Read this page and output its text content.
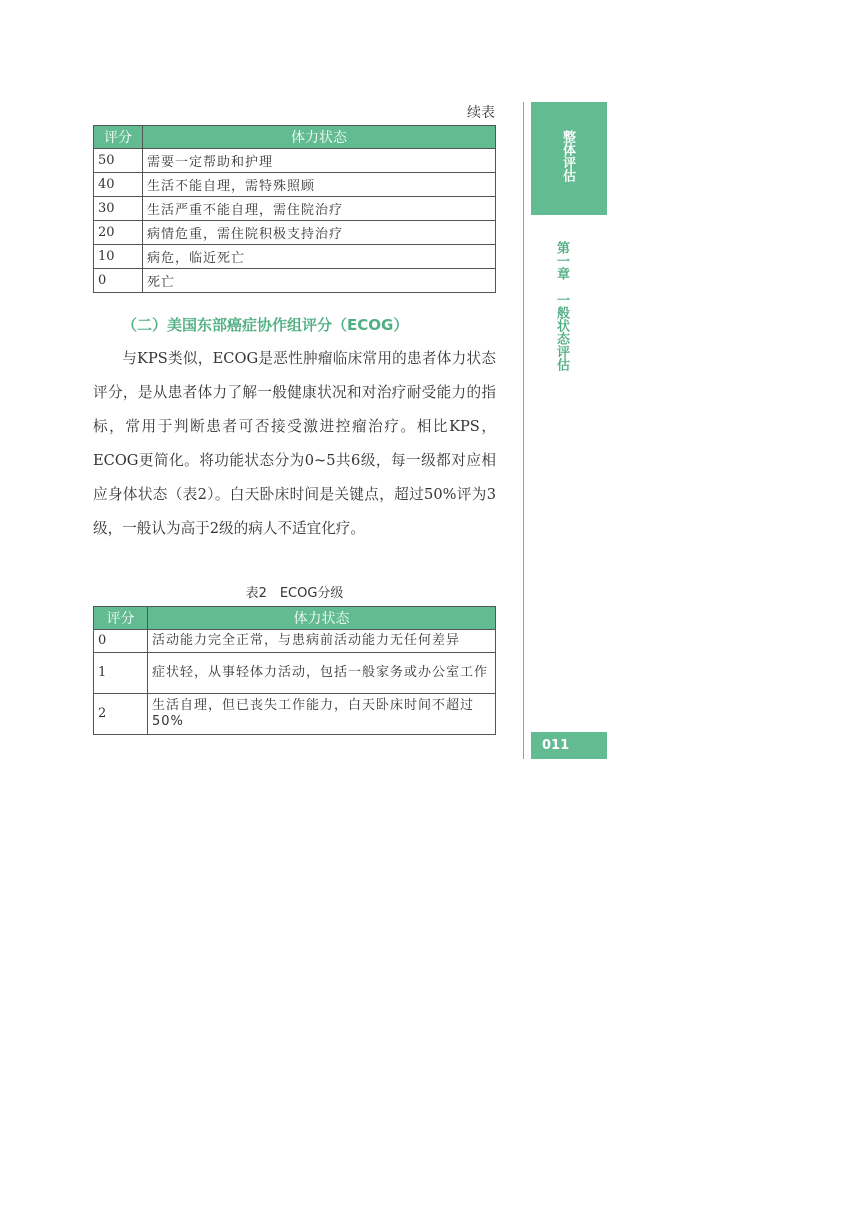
续表
评分	体力状态
50	需要一定帮助和护理
40	生活不能自理，需特殊照顾
30	生活严重不能自理，需住院治疗
20	病情危重，需住院积极支持治疗
10	病危，临近死亡
0	死亡
（二）美国东部癌症协作组评分（ECOG）

与KPS类似，ECOG是恶性肿瘤临床常用的患者体力状态评分，是从患者体力了解一般健康状况和对治疗耐受能力的指标，常用于判断患者可否接受激进控瘤治疗。相比KPS，ECOG更简化。将功能状态分为0~5共6级，每一级都对应相应身体状态（表2）。白天卧床时间是关键点，超过50%评为3级，一般认为高于2级的病人不适宜化疗。

表2　ECOG分级
评分	体力状态
0	活动能力完全正常，与患病前活动能力无任何差异
1	症状轻，从事轻体力活动，包括一般家务或办公室工作
2	生活自理，但已丧失工作能力，白天卧床时间不超过50%
整体评估
第一章　一般状态评估
011
